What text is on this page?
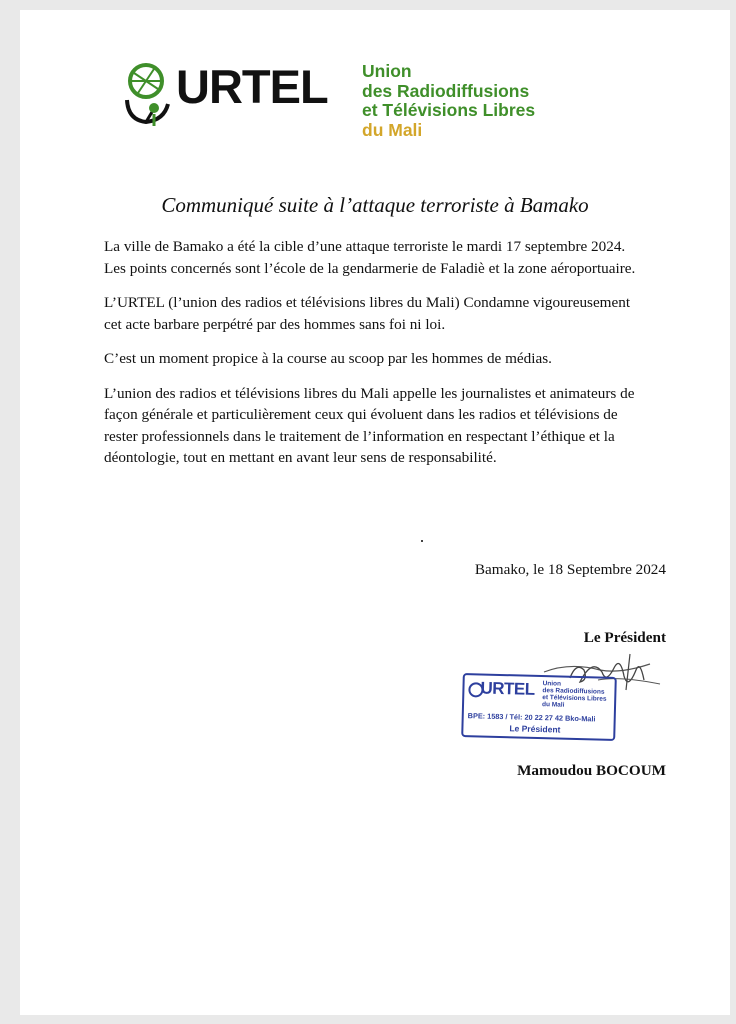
URTEL Union
des Radiodiffusions
et Télévisions Libres
du Mali
Communiqué suite à l’attaque terroriste à Bamako

La ville de Bamako a été la cible d’une attaque terroriste le mardi 17 septembre 2024. Les points concernés sont l’école de la gendarmerie de Faladiè et la zone aéroportuaire.

L’URTEL (l’union des radios et télévisions libres du Mali) Condamne vigoureusement cet acte barbare perpétré par des hommes sans foi ni loi.

C’est un moment propice à la course au scoop par les hommes de médias.

L’union des radios et télévisions libres du Mali appelle les journalistes et animateurs de façon générale et particulièrement ceux qui évoluent dans les radios et télévisions de rester professionnels dans le traitement de l’information en respectant l’éthique et la déontologie, tout en mettant en avant leur sens de responsabilité.

Bamako, le 18 Septembre 2024
Le Président
URTEL Union
des Radiodiffusions
et Télévisions Libres
du Mali
BPE: 1583 / Tél: 20 22 27 42 Bko-Mali
Le Président
Mamoudou BOCOUM
